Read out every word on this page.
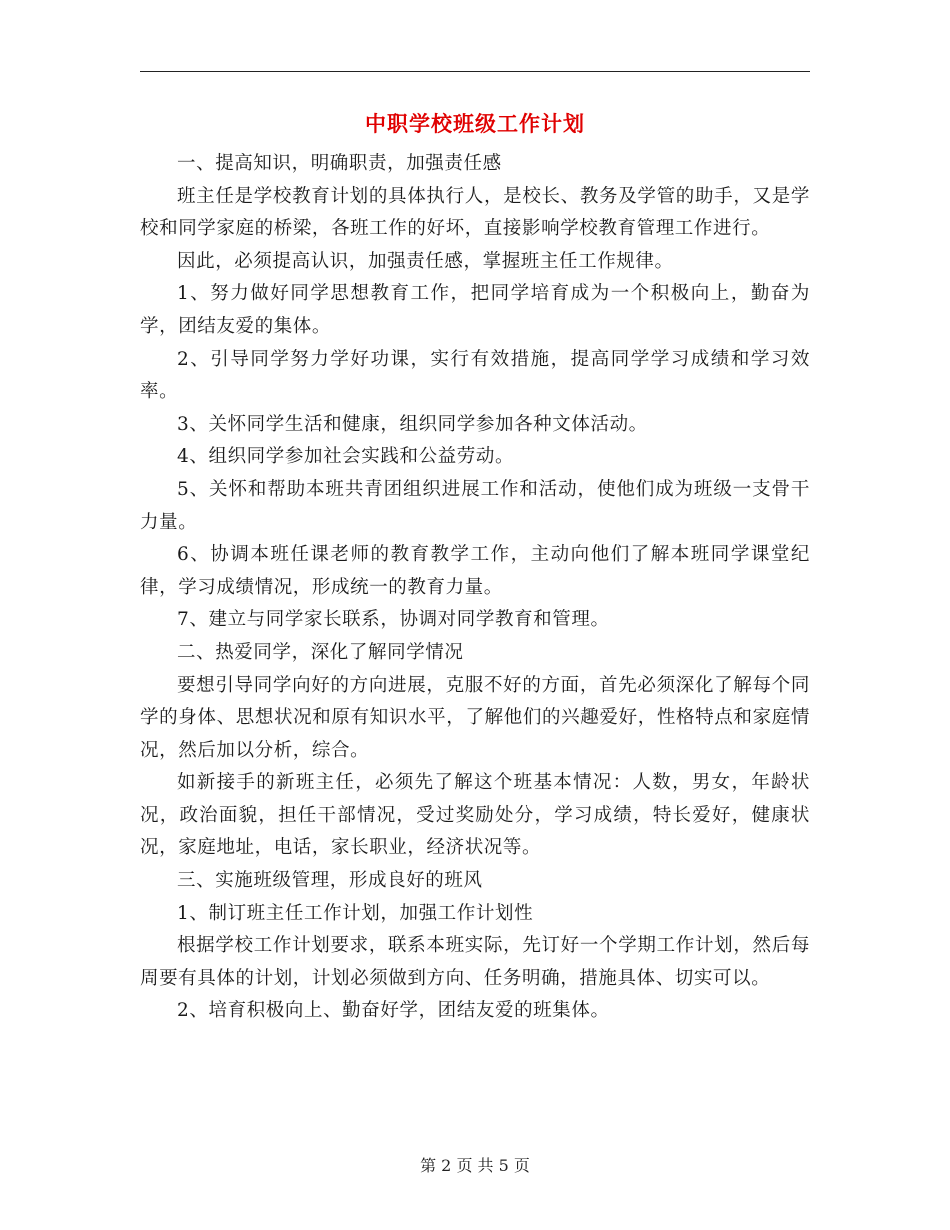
中职学校班级工作计划

一、提高知识，明确职责，加强责任感

班主任是学校教育计划的具体执行人，是校长、教务及学管的助手，又是学校和同学家庭的桥梁，各班工作的好坏，直接影响学校教育管理工作进行。

因此，必须提高认识，加强责任感，掌握班主任工作规律。

1、努力做好同学思想教育工作，把同学培育成为一个积极向上，勤奋为学，团结友爱的集体。

2、引导同学努力学好功课，实行有效措施，提高同学学习成绩和学习效率。

3、关怀同学生活和健康，组织同学参加各种文体活动。

4、组织同学参加社会实践和公益劳动。

5、关怀和帮助本班共青团组织进展工作和活动，使他们成为班级一支骨干力量。

6、协调本班任课老师的教育教学工作，主动向他们了解本班同学课堂纪律，学习成绩情况，形成统一的教育力量。

7、建立与同学家长联系，协调对同学教育和管理。

二、热爱同学，深化了解同学情况

要想引导同学向好的方向进展，克服不好的方面，首先必须深化了解每个同学的身体、思想状况和原有知识水平，了解他们的兴趣爱好，性格特点和家庭情况，然后加以分析，综合。

如新接手的新班主任，必须先了解这个班基本情况：人数，男女，年龄状况，政治面貌，担任干部情况，受过奖励处分，学习成绩，特长爱好，健康状况，家庭地址，电话，家长职业，经济状况等。

三、实施班级管理，形成良好的班风

1、制订班主任工作计划，加强工作计划性

根据学校工作计划要求，联系本班实际，先订好一个学期工作计划，然后每周要有具体的计划，计划必须做到方向、任务明确，措施具体、切实可以。

2、培育积极向上、勤奋好学，团结友爱的班集体。

第 2 页 共 5 页
